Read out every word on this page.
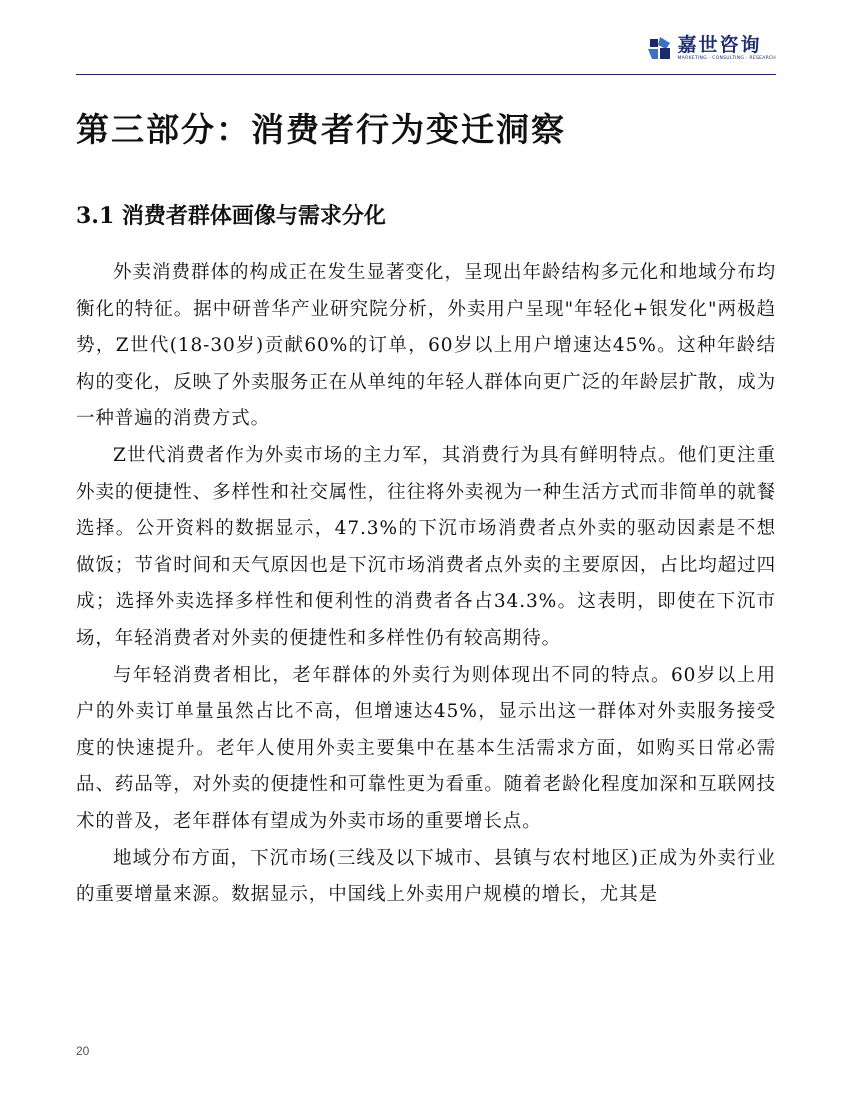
嘉世咨询
MARKETING · CONSULTING · RESEARCH
第三部分：消费者行为变迁洞察
3.1 消费者群体画像与需求分化

外卖消费群体的构成正在发生显著变化，呈现出年龄结构多元化和地域分布均衡化的特征。据中研普华产业研究院分析，外卖用户呈现"年轻化+银发化"两极趋势，Z世代(18-30岁)贡献60%的订单，60岁以上用户增速达45%。这种年龄结构的变化，反映了外卖服务正在从单纯的年轻人群体向更广泛的年龄层扩散，成为一种普遍的消费方式。

Z世代消费者作为外卖市场的主力军，其消费行为具有鲜明特点。他们更注重外卖的便捷性、多样性和社交属性，往往将外卖视为一种生活方式而非简单的就餐选择。公开资料的数据显示，47.3%的下沉市场消费者点外卖的驱动因素是不想做饭；节省时间和天气原因也是下沉市场消费者点外卖的主要原因，占比均超过四成；选择外卖选择多样性和便利性的消费者各占34.3%。这表明，即使在下沉市场，年轻消费者对外卖的便捷性和多样性仍有较高期待。

与年轻消费者相比，老年群体的外卖行为则体现出不同的特点。60岁以上用户的外卖订单量虽然占比不高，但增速达45%，显示出这一群体对外卖服务接受度的快速提升。老年人使用外卖主要集中在基本生活需求方面，如购买日常必需品、药品等，对外卖的便捷性和可靠性更为看重。随着老龄化程度加深和互联网技术的普及，老年群体有望成为外卖市场的重要增长点。

地域分布方面，下沉市场(三线及以下城市、县镇与农村地区)正成为外卖行业的重要增量来源。数据显示，中国线上外卖用户规模的增长，尤其是

20
